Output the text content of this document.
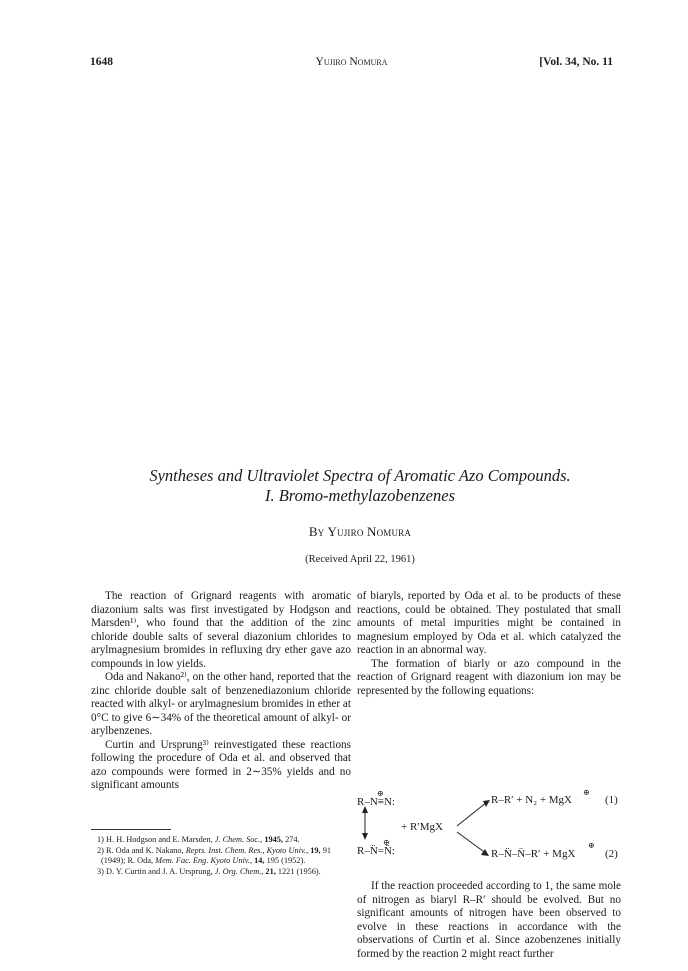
1648	Yujiro Nomura	[Vol. 34, No. 11

Syntheses and Ultraviolet Spectra of Aromatic Azo Compounds.

I. Bromo-methylazobenzenes

By Yujiro Nomura
(Received April 22, 1961)

The reaction of Grignard reagents with aromatic diazonium salts was first investigated by Hodgson and Marsden¹⁾, who found that the addition of the zinc chloride double salts of several diazonium chlorides to arylmagnesium bromides in refluxing dry ether gave azo compounds in low yields.

Oda and Nakano²⁾, on the other hand, reported that the zinc chloride double salt of benzenediazonium chloride reacted with alkyl- or arylmagnesium bromides in ether at 0°C to give 6∼34% of the theoretical amount of alkyl- or arylbenzenes.

Curtin and Ursprung³⁾ reinvestigated these reactions following the procedure of Oda et al. and observed that azo compounds were formed in 2∼35% yields and no significant amounts

1) H. H. Hodgson and E. Marsden, J. Chem. Soc., 1945, 274.

2) R. Oda and K. Nakano, Repts. Inst. Chem. Res., Kyoto Univ., 19, 91 (1949); R. Oda, Mem. Fac. Eng. Kyoto Univ., 14, 195 (1952).

3) D. Y. Curtin and J. A. Ursprung, J. Org. Chem., 21, 1221 (1956).

of biaryls, reported by Oda et al. to be products of these reactions, could be obtained. They postulated that small amounts of metal impurities might be contained in magnesium employed by Oda et al. which catalyzed the reaction in an abnormal way.

The formation of biarly or azo compound in the reaction of Grignard reagent with diazonium ion may be represented by the following equations:

R–N≡N:
⊕
+ R′MgX
R–N̈=N̈:
⊕
R–R′ + N₂ + MgX
⊕
(1)
R–N̈–N̈–R′ + MgX
⊕
(2)

If the reaction proceeded according to 1, the same mole of nitrogen as biaryl R–R′ should be evolved. But no significant amounts of nitrogen have been observed to evolve in these reactions in accordance with the observations of Curtin et al. Since azobenzenes initially formed by the reaction 2 might react further
